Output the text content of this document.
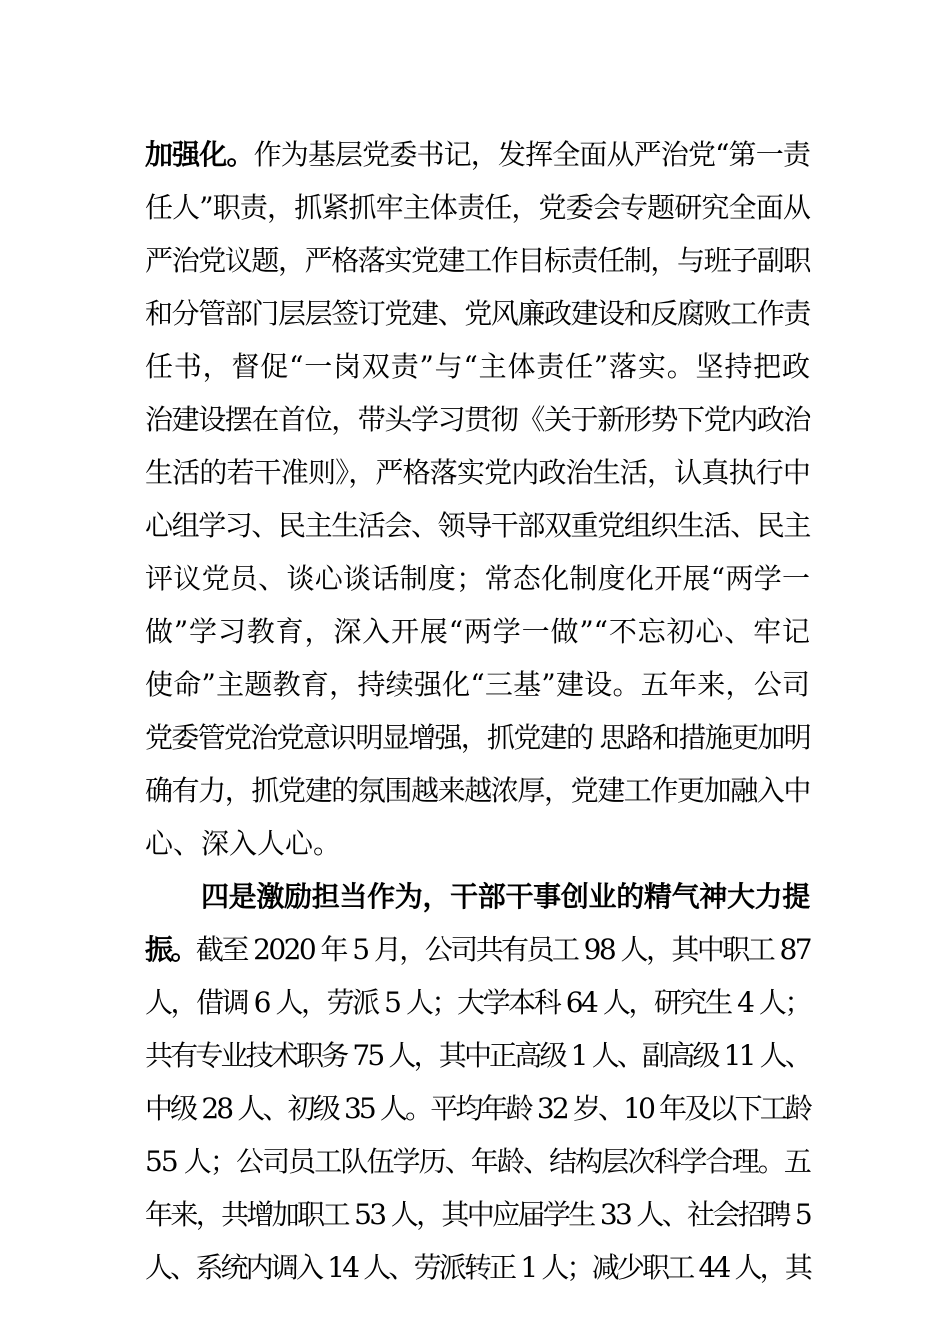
加强化。作为基层党委书记，发挥全面从严治党“第一责
任人”职责，抓紧抓牢主体责任，党委会专题研究全面从
严治党议题，严格落实党建工作目标责任制，与班子副职
和分管部门层层签订党建、党风廉政建设和反腐败工作责
任书，督促“一岗双责”与“主体责任”落实。坚持把政
治建设摆在首位，带头学习贯彻《关于新形势下党内政治
生活的若干准则》，严格落实党内政治生活，认真执行中
心组学习、民主生活会、领导干部双重党组织生活、民主
评议党员、谈心谈话制度；常态化制度化开展“两学一
做”学习教育，深入开展“两学一做”“不忘初心、牢记
使命”主题教育，持续强化“三基”建设。五年来，公司
党委管党治党意识明显增强，抓党建的 思路和措施更加明
确有力，抓党建的氛围越来越浓厚，党建工作更加融入中
心、深入人心。
四是激励担当作为，干部干事创业的精气神大力提
振。截至 2020 年 5 月，公司共有员工 98 人，其中职工 87
人，借调 6 人，劳派 5 人；大学本科 64 人，研究生 4 人；
共有专业技术职务 75 人，其中正高级 1 人、副高级 11 人、
中级 28 人、初级 35 人。平均年龄 32 岁、10 年及以下工龄
55 人；公司员工队伍学历、年龄、结构层次科学合理。五
年来，共增加职工 53 人，其中应届学生 33 人、社会招聘 5
人、系统内调入 14 人、劳派转正 1 人；减少职工 44 人，其
